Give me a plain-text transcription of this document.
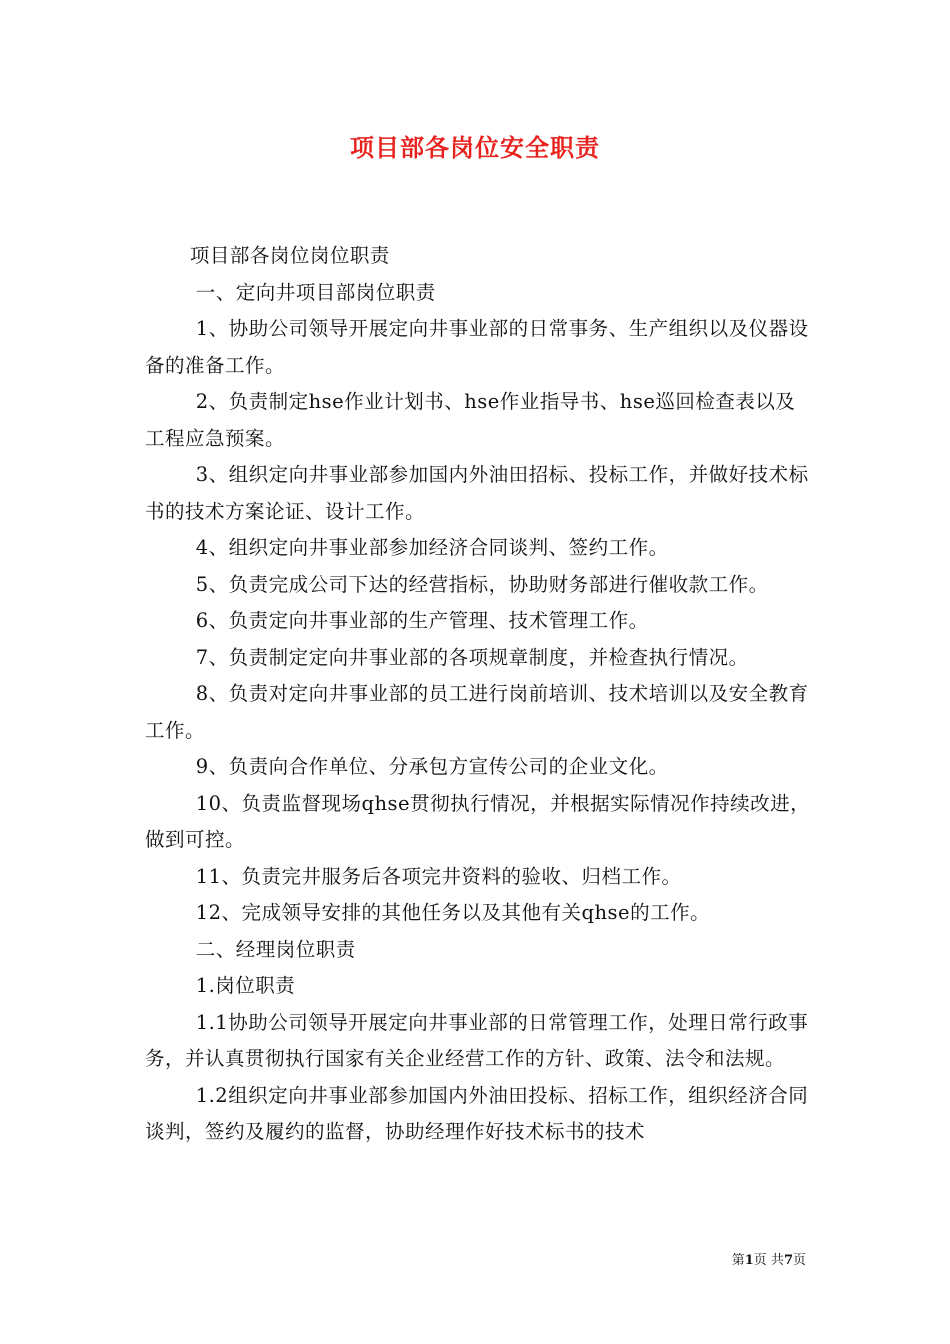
项目部各岗位安全职责

项目部各岗位岗位职责

一、定向井项目部岗位职责

1、协助公司领导开展定向井事业部的日常事务、生产组织以及仪器设备的准备工作。

2、负责制定hse作业计划书、hse作业指导书、hse巡回检查表以及工程应急预案。

3、组织定向井事业部参加国内外油田招标、投标工作，并做好技术标书的技术方案论证、设计工作。

4、组织定向井事业部参加经济合同谈判、签约工作。

5、负责完成公司下达的经营指标，协助财务部进行催收款工作。

6、负责定向井事业部的生产管理、技术管理工作。

7、负责制定定向井事业部的各项规章制度，并检查执行情况。

8、负责对定向井事业部的员工进行岗前培训、技术培训以及安全教育工作。

9、负责向合作单位、分承包方宣传公司的企业文化。

10、负责监督现场qhse贯彻执行情况，并根据实际情况作持续改进，做到可控。

11、负责完井服务后各项完井资料的验收、归档工作。

12、完成领导安排的其他任务以及其他有关qhse的工作。

二、经理岗位职责

1.岗位职责

1.1协助公司领导开展定向井事业部的日常管理工作，处理日常行政事务，并认真贯彻执行国家有关企业经营工作的方针、政策、法令和法规。

1.2组织定向井事业部参加国内外油田投标、招标工作，组织经济合同谈判，签约及履约的监督，协助经理作好技术标书的技术

第1页 共7页
